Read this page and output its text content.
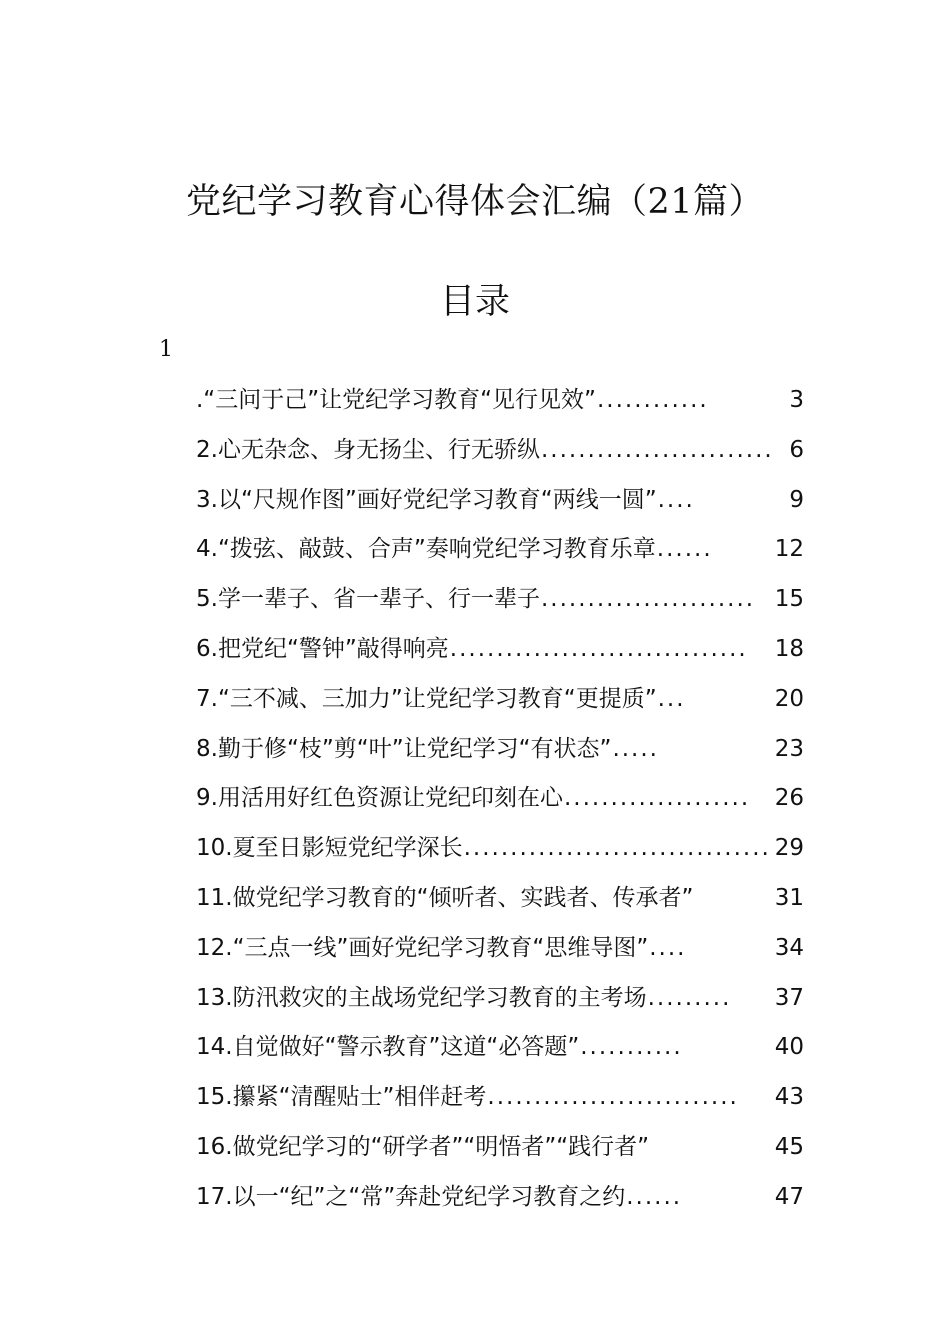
党纪学习教育心得体会汇编（21篇）
目录
1
.“三问于己”让党纪学习教育“见行见效” ............	3
2.心无杂念、身无扬尘、行无骄纵 ......................... 6
3.以“尺规作图”画好党纪学习教育“两线一圆” ....	9
4.“拨弦、敲鼓、合声”奏响党纪学习教育乐章 ......	12
5.学一辈子、省一辈子、行一辈子 ....................... 15
6.把党纪“警钟”敲得响亮 ................................	18
7.“三不减、三加力”让党纪学习教育“更提质” ...	20
8.勤于修“枝”剪“叶”让党纪学习“有状态” .....	23
9.用活用好红色资源让党纪印刻在心 ....................	26
10.夏至日影短党纪学深长 ................................. 29
11.做党纪学习教育的“倾听者、实践者、传承者”	31
12.“三点一线”画好党纪学习教育“思维导图” ....	34
13.防汛救灾的主战场党纪学习教育的主考场 .........	37
14.自觉做好“警示教育”这道“必答题” ...........	40
15.攥紧“清醒贴士”相伴赶考 ...........................	43
16.做党纪学习的“研学者”“明悟者”“践行者”	45
17.以一“纪”之“常”奔赴党纪学习教育之约 ......	47
